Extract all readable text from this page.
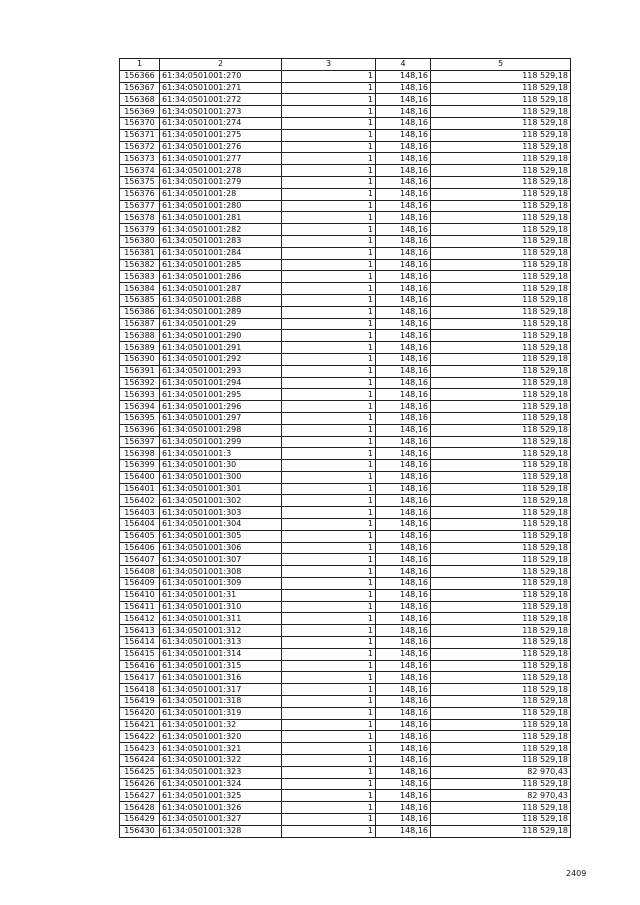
1	2	3	4	5
156366	61:34:0501001:270	1	148,16	118 529,18
156367	61:34:0501001:271	1	148,16	118 529,18
156368	61:34:0501001:272	1	148,16	118 529,18
156369	61:34:0501001:273	1	148,16	118 529,18
156370	61:34:0501001:274	1	148,16	118 529,18
156371	61:34:0501001:275	1	148,16	118 529,18
156372	61:34:0501001:276	1	148,16	118 529,18
156373	61:34:0501001:277	1	148,16	118 529,18
156374	61:34:0501001:278	1	148,16	118 529,18
156375	61:34:0501001:279	1	148,16	118 529,18
156376	61:34:0501001:28	1	148,16	118 529,18
156377	61:34:0501001:280	1	148,16	118 529,18
156378	61:34:0501001:281	1	148,16	118 529,18
156379	61:34:0501001:282	1	148,16	118 529,18
156380	61:34:0501001:283	1	148,16	118 529,18
156381	61:34:0501001:284	1	148,16	118 529,18
156382	61:34:0501001:285	1	148,16	118 529,18
156383	61:34:0501001:286	1	148,16	118 529,18
156384	61:34:0501001:287	1	148,16	118 529,18
156385	61:34:0501001:288	1	148,16	118 529,18
156386	61:34:0501001:289	1	148,16	118 529,18
156387	61:34:0501001:29	1	148,16	118 529,18
156388	61:34:0501001:290	1	148,16	118 529,18
156389	61:34:0501001:291	1	148,16	118 529,18
156390	61:34:0501001:292	1	148,16	118 529,18
156391	61:34:0501001:293	1	148,16	118 529,18
156392	61:34:0501001:294	1	148,16	118 529,18
156393	61:34:0501001:295	1	148,16	118 529,18
156394	61:34:0501001:296	1	148,16	118 529,18
156395	61:34:0501001:297	1	148,16	118 529,18
156396	61:34:0501001:298	1	148,16	118 529,18
156397	61:34:0501001:299	1	148,16	118 529,18
156398	61:34:0501001:3	1	148,16	118 529,18
156399	61:34:0501001:30	1	148,16	118 529,18
156400	61:34:0501001:300	1	148,16	118 529,18
156401	61:34:0501001:301	1	148,16	118 529,18
156402	61:34:0501001:302	1	148,16	118 529,18
156403	61:34:0501001:303	1	148,16	118 529,18
156404	61:34:0501001:304	1	148,16	118 529,18
156405	61:34:0501001:305	1	148,16	118 529,18
156406	61:34:0501001:306	1	148,16	118 529,18
156407	61:34:0501001:307	1	148,16	118 529,18
156408	61:34:0501001:308	1	148,16	118 529,18
156409	61:34:0501001:309	1	148,16	118 529,18
156410	61:34:0501001:31	1	148,16	118 529,18
156411	61:34:0501001:310	1	148,16	118 529,18
156412	61:34:0501001:311	1	148,16	118 529,18
156413	61:34:0501001:312	1	148,16	118 529,18
156414	61:34:0501001:313	1	148,16	118 529,18
156415	61:34:0501001:314	1	148,16	118 529,18
156416	61:34:0501001:315	1	148,16	118 529,18
156417	61:34:0501001:316	1	148,16	118 529,18
156418	61:34:0501001:317	1	148,16	118 529,18
156419	61:34:0501001:318	1	148,16	118 529,18
156420	61:34:0501001:319	1	148,16	118 529,18
156421	61:34:0501001:32	1	148,16	118 529,18
156422	61:34:0501001:320	1	148,16	118 529,18
156423	61:34:0501001:321	1	148,16	118 529,18
156424	61:34:0501001:322	1	148,16	118 529,18
156425	61:34:0501001:323	1	148,16	82 970,43
156426	61:34:0501001:324	1	148,16	118 529,18
156427	61:34:0501001:325	1	148,16	82 970,43
156428	61:34:0501001:326	1	148,16	118 529,18
156429	61:34:0501001:327	1	148,16	118 529,18
156430	61:34:0501001:328	1	148,16	118 529,18
2409
